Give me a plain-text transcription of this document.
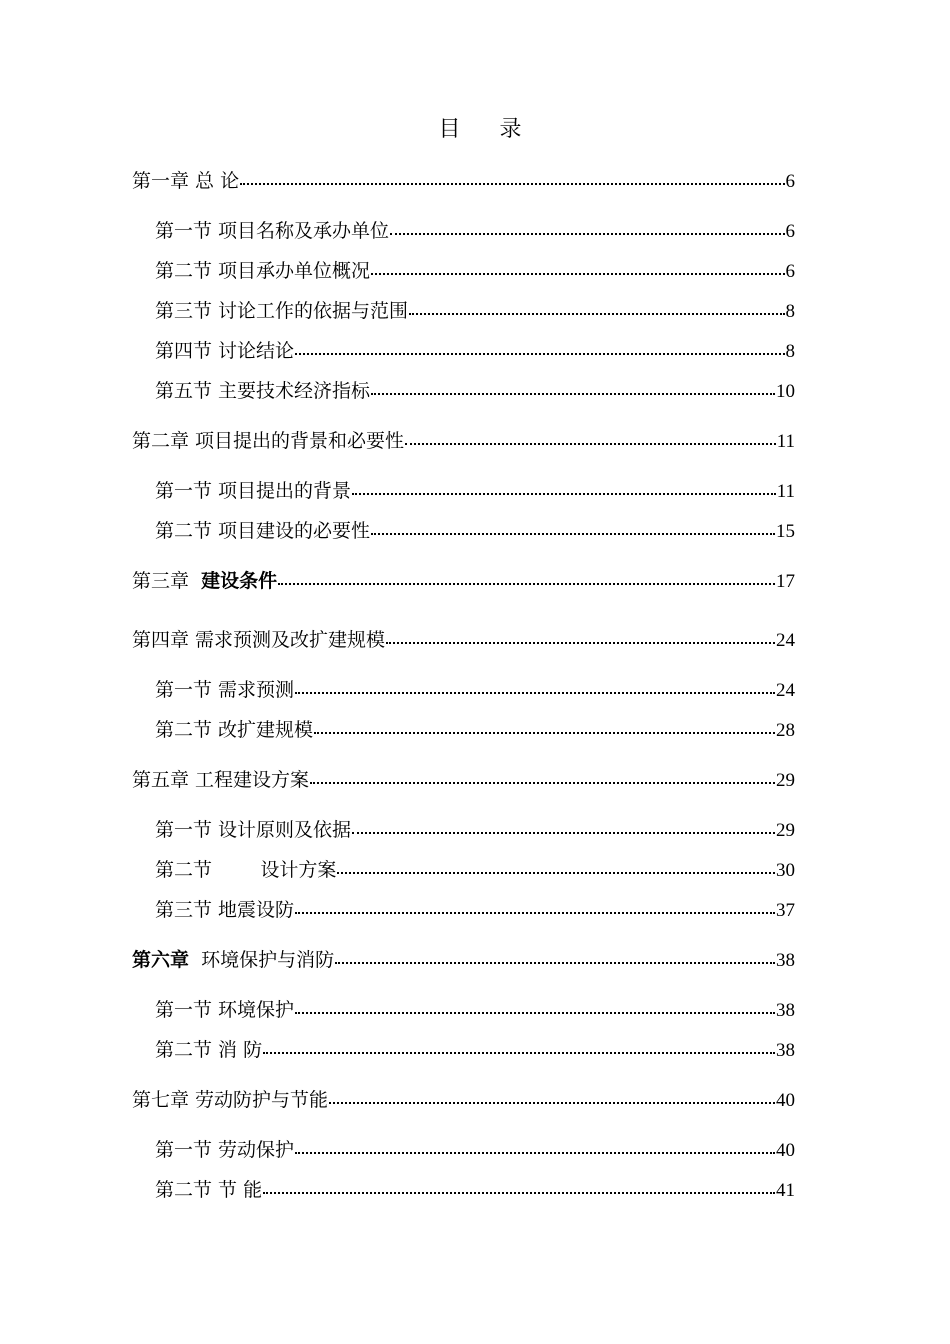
目 录
第一章 总 论	6
第一节 项目名称及承办单位	6
第二节 项目承办单位概况	6
第三节 讨论工作的依据与范围	8
第四节 讨论结论	8
第五节 主要技术经济指标	10
第二章 项目提出的背景和必要性	11
第一节 项目提出的背景	11
第二节 项目建设的必要性	15
第三章  建设条件	17
第四章 需求预测及改扩建规模	24
第一节 需求预测	24
第二节 改扩建规模	28
第五章 工程建设方案	29
第一节 设计原则及依据	29
第二节        设计方案	30
第三节 地震设防	37
第六章  环境保护与消防	38
第一节 环境保护	38
第二节 消 防	38
第七章 劳动防护与节能	40
第一节 劳动保护	40
第二节 节 能	41
